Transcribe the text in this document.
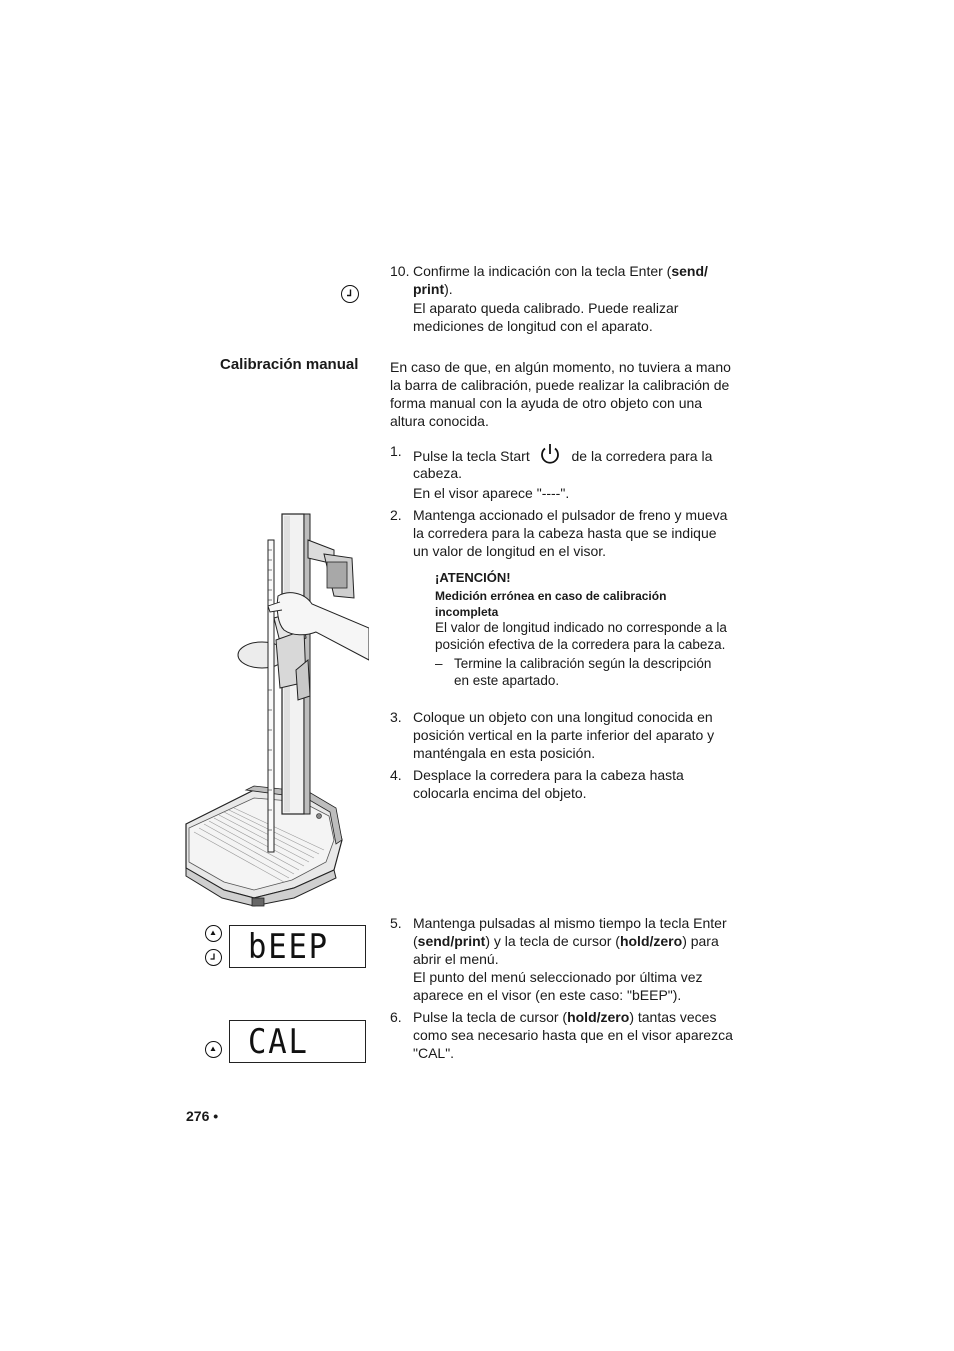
10. Confirme la indicación con la tecla Enter (send/
print).
El aparato queda calibrado. Puede realizar mediciones de longitud con el aparato.
Calibración manual En caso de que, en algún momento, no tuviera a mano la barra de calibración, puede realizar la calibración de forma manual con la ayuda de otro objeto con una altura conocida.
1. Pulse la tecla Start	de la corredera para la
cabeza.
En el visor aparece "----".
2. Mantenga accionado el pulsador de freno y mueva la corredera para la cabeza hasta que se indique un valor de longitud en el visor.
¡ATENCIÓN!
Medición errónea en caso de calibración incompleta
El valor de longitud indicado no corresponde a la posición efectiva de la corredera para la cabeza.
– Termine la calibración según la descripción en este apartado.
3. Coloque un objeto con una longitud conocida en posición vertical en la parte inferior del aparato y manténgala en esta posición.
4. Desplace la corredera para la cabeza hasta colocarla encima del objeto.
5. Mantenga pulsadas al mismo tiempo la tecla Enter
(send/print) y la tecla de cursor (hold/zero) para
abrir el menú.
El punto del menú seleccionado por última vez aparece en el visor (en este caso: "bEEP").
6. Pulse la tecla de cursor (hold/zero) tantas veces como sea necesario hasta que en el visor aparezca "CAL".
bEEP
CAL
276 •
